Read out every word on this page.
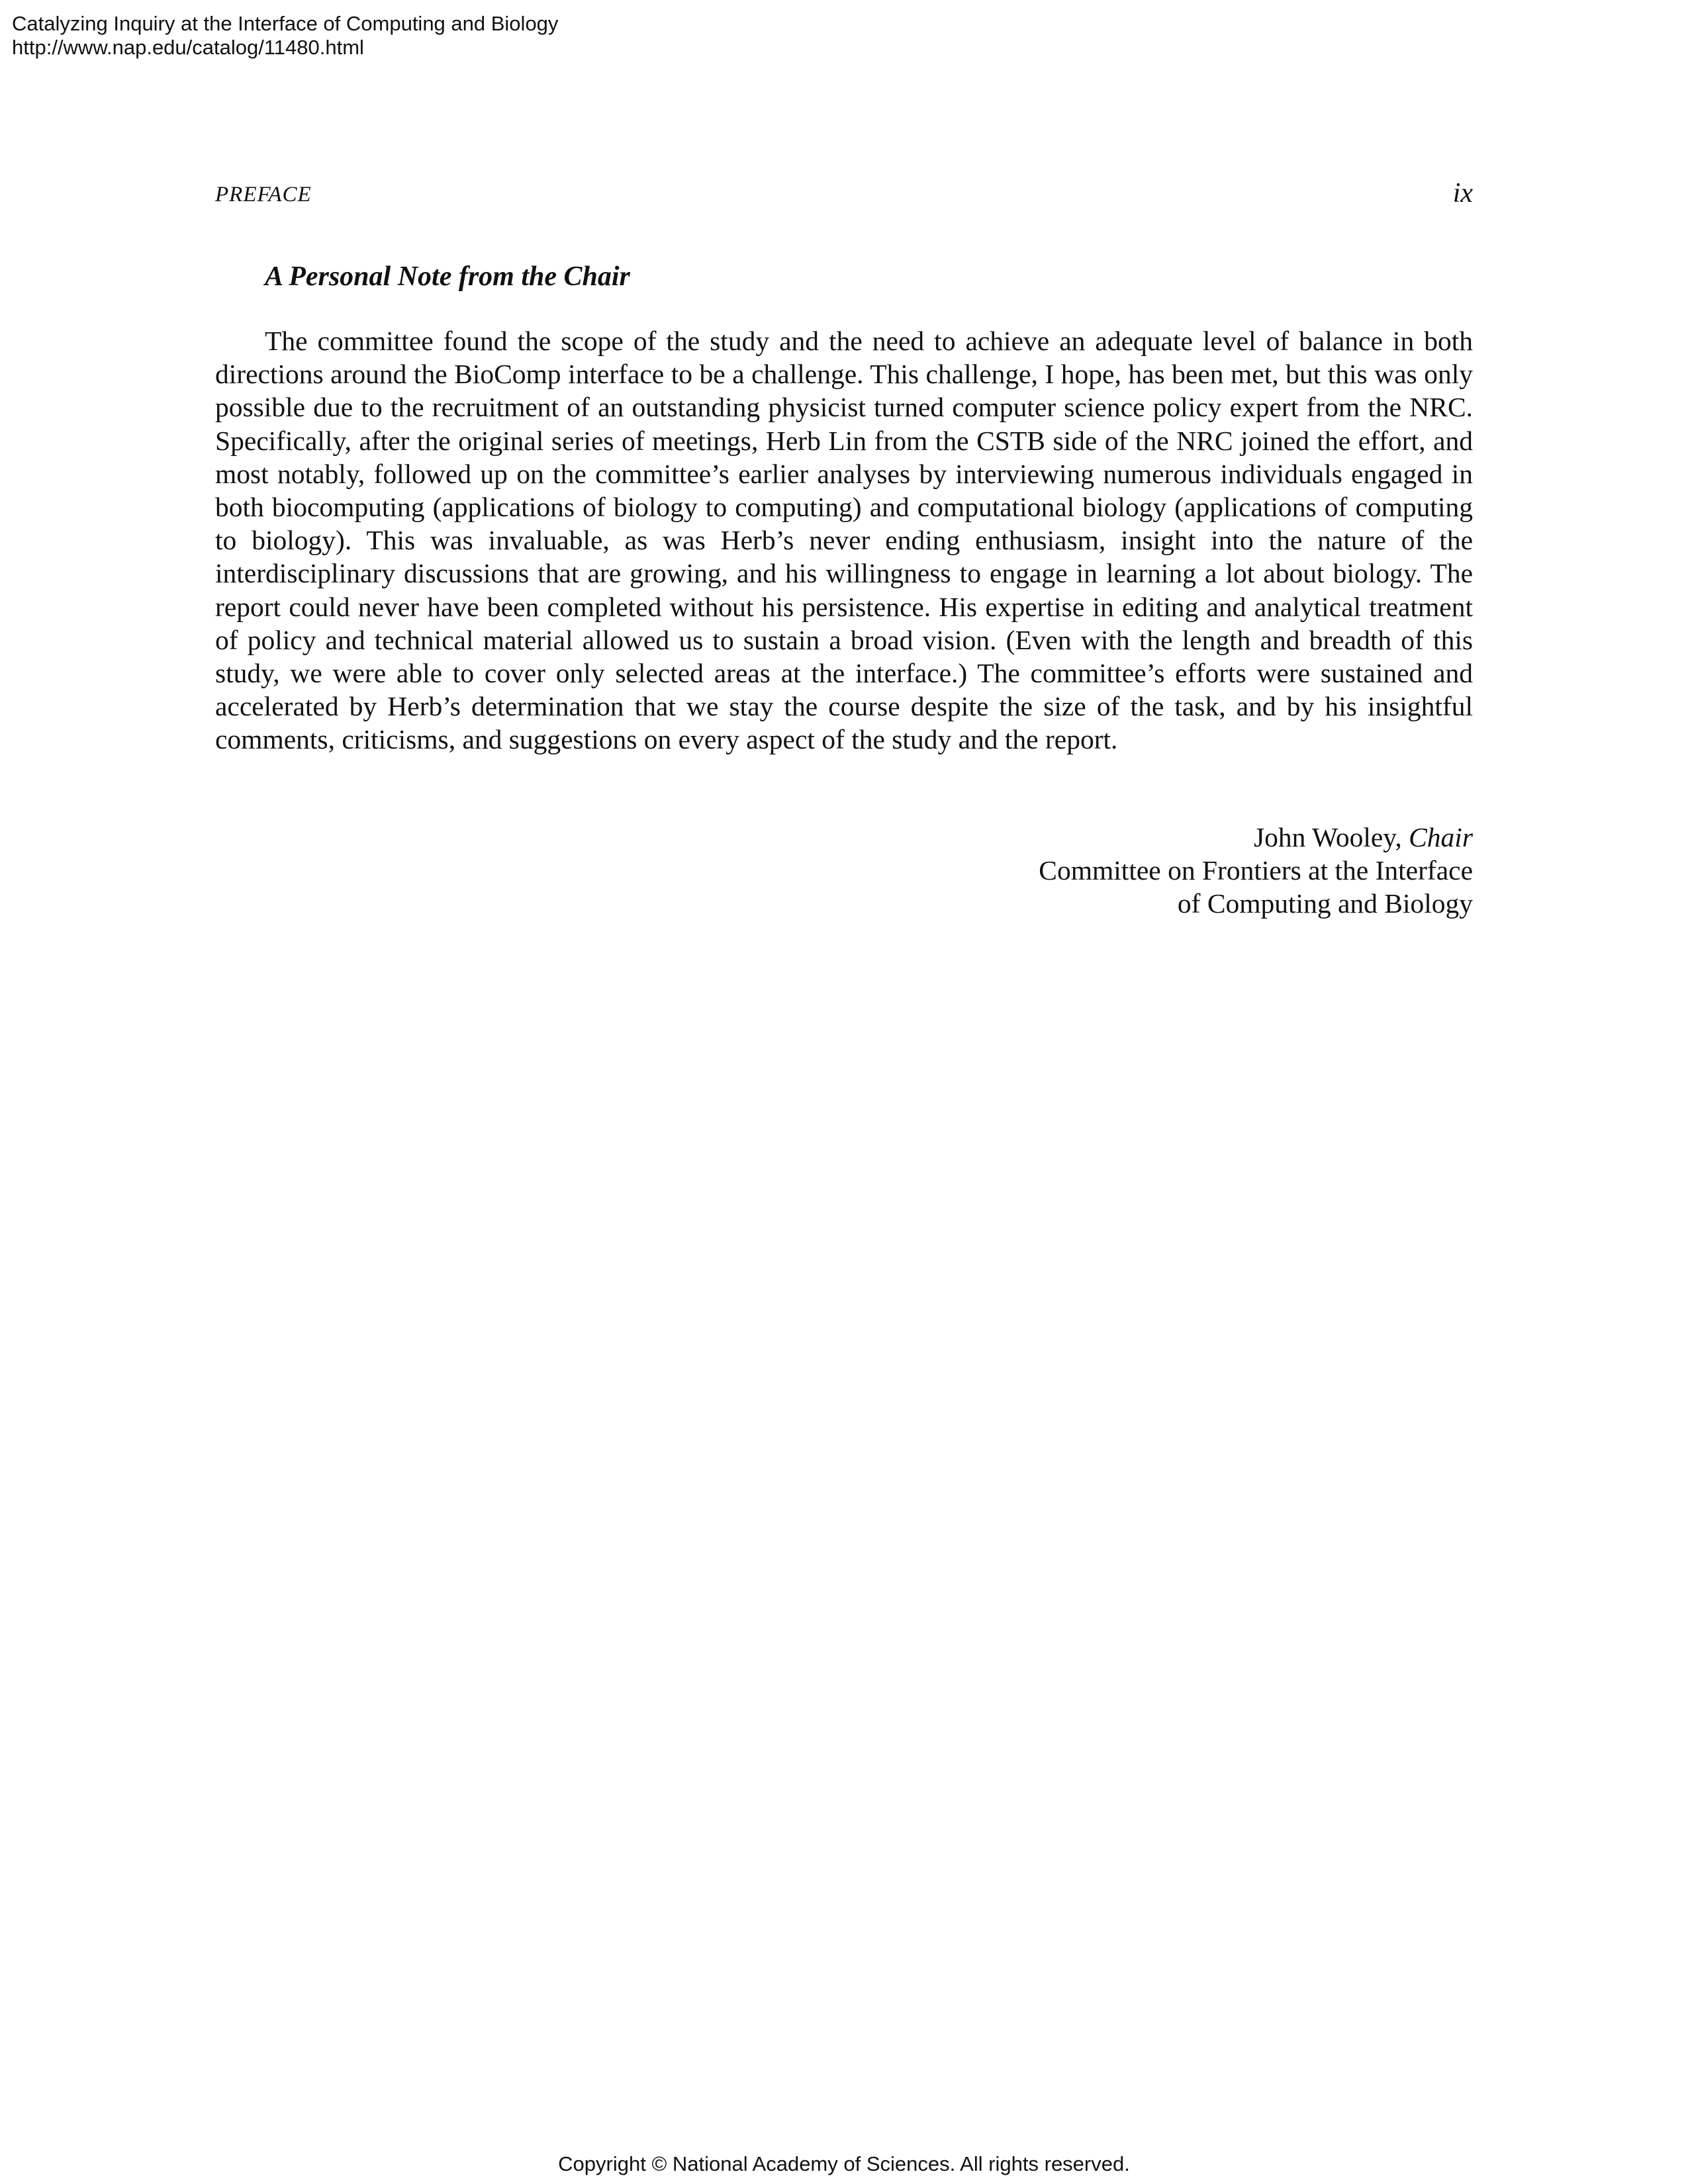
Catalyzing Inquiry at the Interface of Computing and Biology
http://www.nap.edu/catalog/11480.html
PREFACE	ix
A Personal Note from the Chair

The committee found the scope of the study and the need to achieve an adequate level of balance in both directions around the BioComp interface to be a challenge. This challenge, I hope, has been met, but this was only possible due to the recruitment of an outstanding physicist turned computer science policy expert from the NRC. Specifically, after the original series of meetings, Herb Lin from the CSTB side of the NRC joined the effort, and most notably, followed up on the committee’s earlier analyses by interviewing numerous individuals engaged in both biocomputing (applications of biology to computing) and computational biology (applications of computing to biology). This was invaluable, as was Herb’s never ending enthusiasm, insight into the nature of the interdisciplinary discussions that are growing, and his willingness to engage in learning a lot about biology. The report could never have been completed without his persistence. His expertise in editing and analytical treatment of policy and technical material allowed us to sustain a broad vision. (Even with the length and breadth of this study, we were able to cover only selected areas at the interface.) The committee’s efforts were sustained and accelerated by Herb’s determination that we stay the course despite the size of the task, and by his insightful comments, criticisms, and suggestions on every aspect of the study and the report.

John Wooley, Chair
Committee on Frontiers at the Interface
of Computing and Biology
Copyright © National Academy of Sciences. All rights reserved.
